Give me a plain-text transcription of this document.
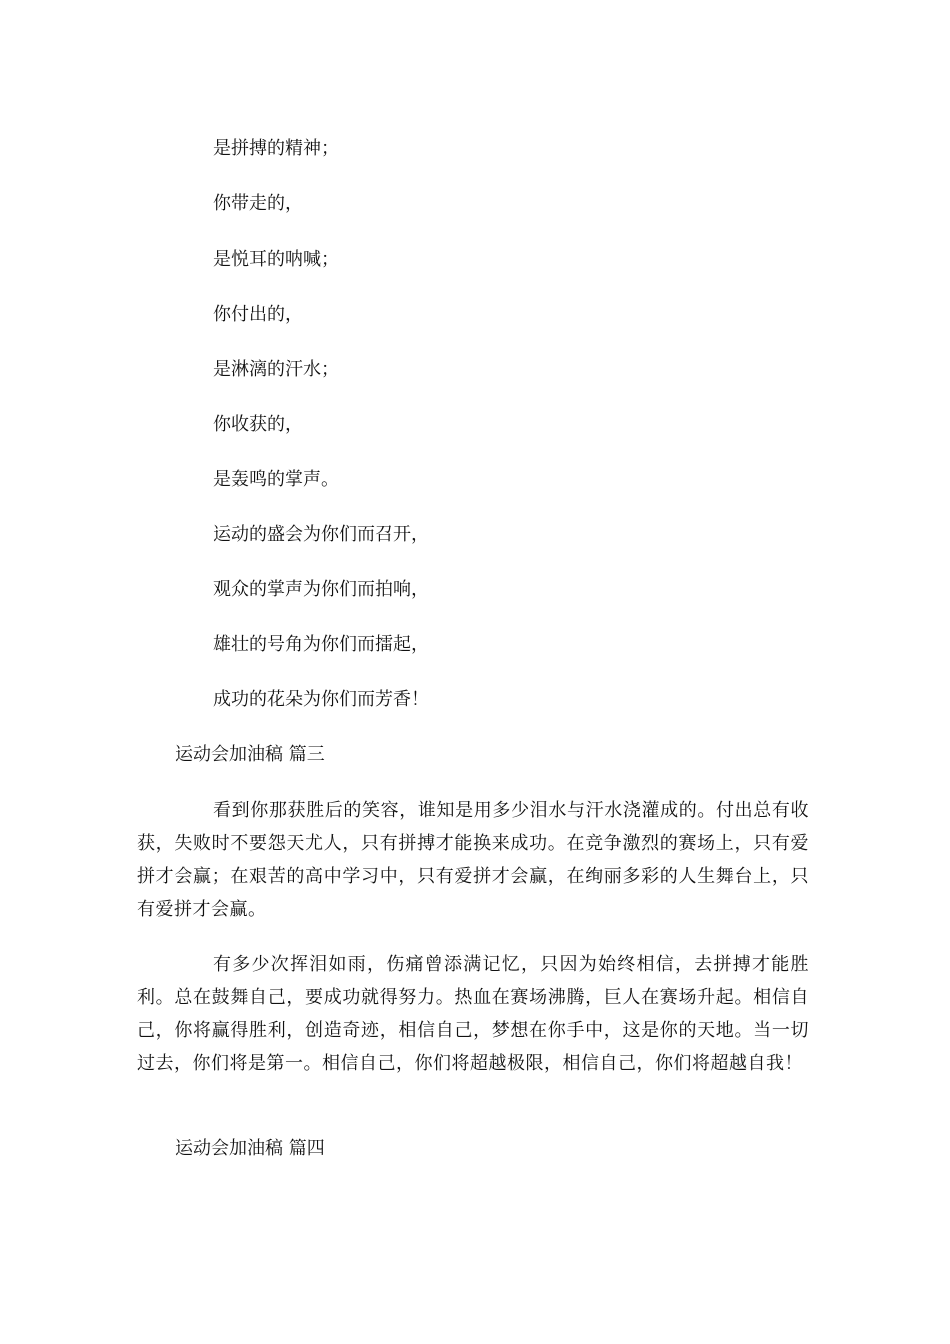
是拼搏的精神；
你带走的，
是悦耳的呐喊；
你付出的，
是淋漓的汗水；
你收获的，
是轰鸣的掌声。
运动的盛会为你们而召开，
观众的掌声为你们而拍响，
雄壮的号角为你们而擂起，
成功的花朵为你们而芳香！
运动会加油稿 篇三

看到你那获胜后的笑容，谁知是用多少泪水与汗水浇灌成的。付出总有收获，失败时不要怨天尤人，只有拼搏才能换来成功。在竞争激烈的赛场上，只有爱拼才会赢；在艰苦的高中学习中，只有爱拼才会赢，在绚丽多彩的人生舞台上，只有爱拼才会赢。

有多少次挥泪如雨，伤痛曾添满记忆，只因为始终相信，去拼搏才能胜利。总在鼓舞自己，要成功就得努力。热血在赛场沸腾，巨人在赛场升起。相信自己，你将赢得胜利，创造奇迹，相信自己，梦想在你手中，这是你的天地。当一切过去，你们将是第一。相信自己，你们将超越极限，相信自己，你们将超越自我！

运动会加油稿 篇四
